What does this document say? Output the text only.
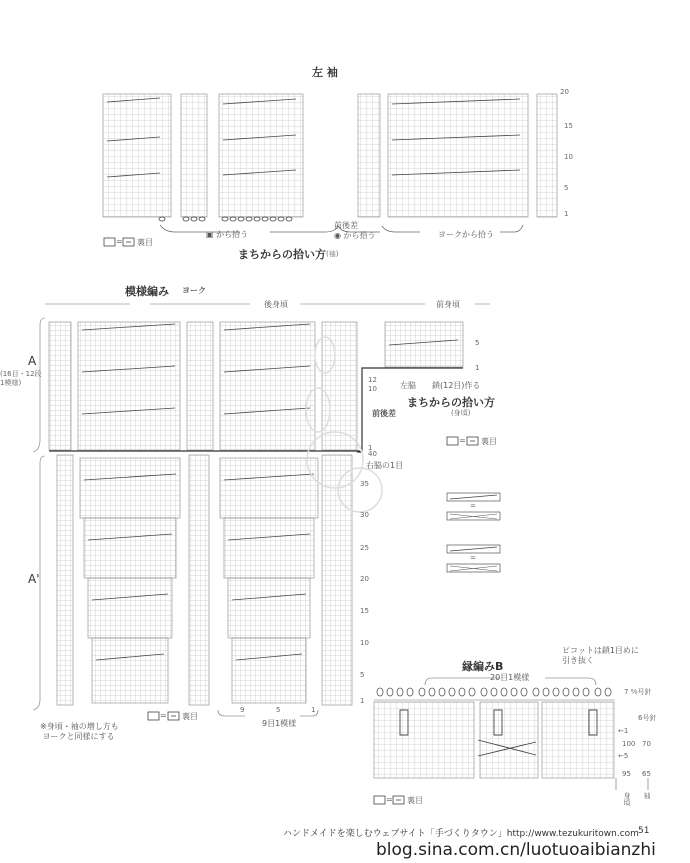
左 袖
20
15
10
5
1
▣ から拾う
前後差
◉ から拾う	ヨークから拾う
まちからの拾い方 (袖)
= 裏目
模様編み ヨーク
後身頃	前身頃
A
(16目・12段
1模様)
A'
5
1
12
10
1
40
左脇 鎖(12目)作る
まちからの拾い方
(身頃)
前後差
右脇の1目
35
30
25
20
15
10
5
1
9	5	1
9目1模様
= 裏目
※身頃・袖の増し方も
ヨークと同様にする
= 裏目
=
=
縁編みB
ピコットは鎖1目めに
引き抜く
20目1模様
7 ⁶⁄₀号針
6号針
100 70
95 65
身頃 袖
←1
←5
= 裏目
ハンドメイドを楽しむウェブサイト「手づくりタウン」http://www.tezukuritown.com 51
blog.sina.com.cn/luotuoaibianzhi
